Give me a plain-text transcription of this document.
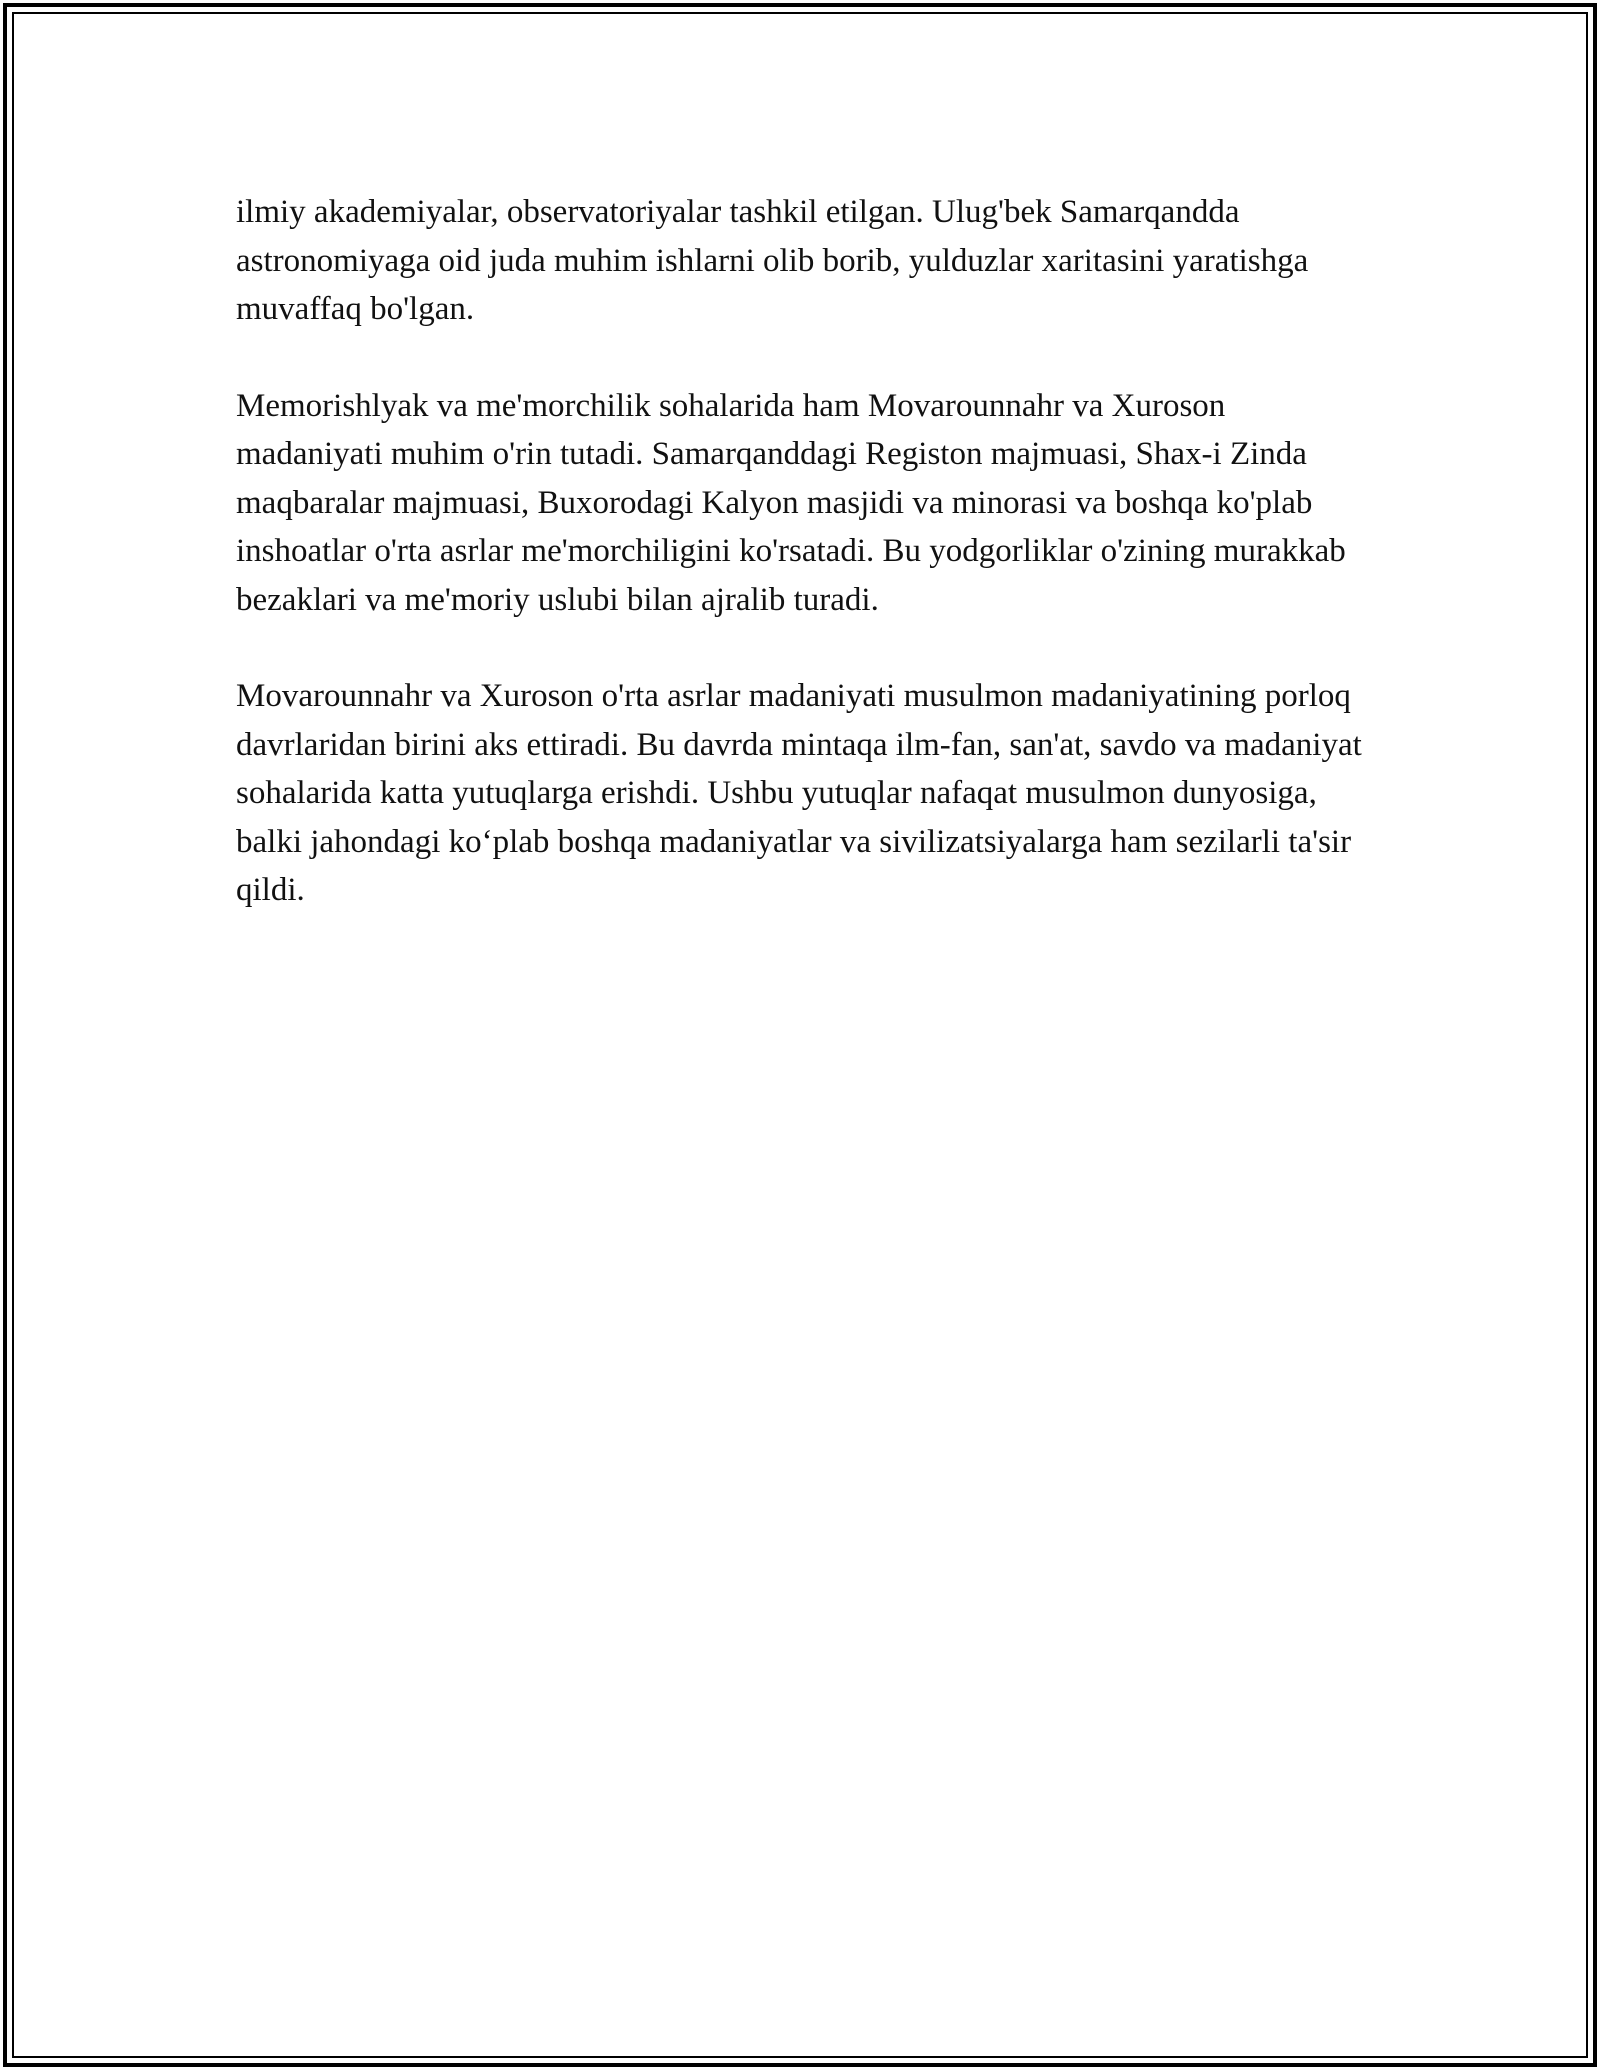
ilmiy akademiyalar, observatoriyalar tashkil etilgan. Ulug'bek Samarqandda astronomiyaga oid juda muhim ishlarni olib borib, yulduzlar xaritasini yaratishga muvaffaq bo'lgan.

Memorishlyak va me'morchilik sohalarida ham Movarounnahr va Xuroson madaniyati muhim o'rin tutadi. Samarqanddagi Registon majmuasi, Shax-i Zinda maqbaralar majmuasi, Buxorodagi Kalyon masjidi va minorasi va boshqa ko'plab inshoatlar o'rta asrlar me'morchiligini ko'rsatadi. Bu yodgorliklar o'zining murakkab bezaklari va me'moriy uslubi bilan ajralib turadi.

Movarounnahr va Xuroson o'rta asrlar madaniyati musulmon madaniyatining porloq davrlaridan birini aks ettiradi. Bu davrda mintaqa ilm-fan, san'at, savdo va madaniyat sohalarida katta yutuqlarga erishdi. Ushbu yutuqlar nafaqat musulmon dunyosiga, balki jahondagi ko‘plab boshqa madaniyatlar va sivilizatsiyalarga ham sezilarli ta'sir qildi.
